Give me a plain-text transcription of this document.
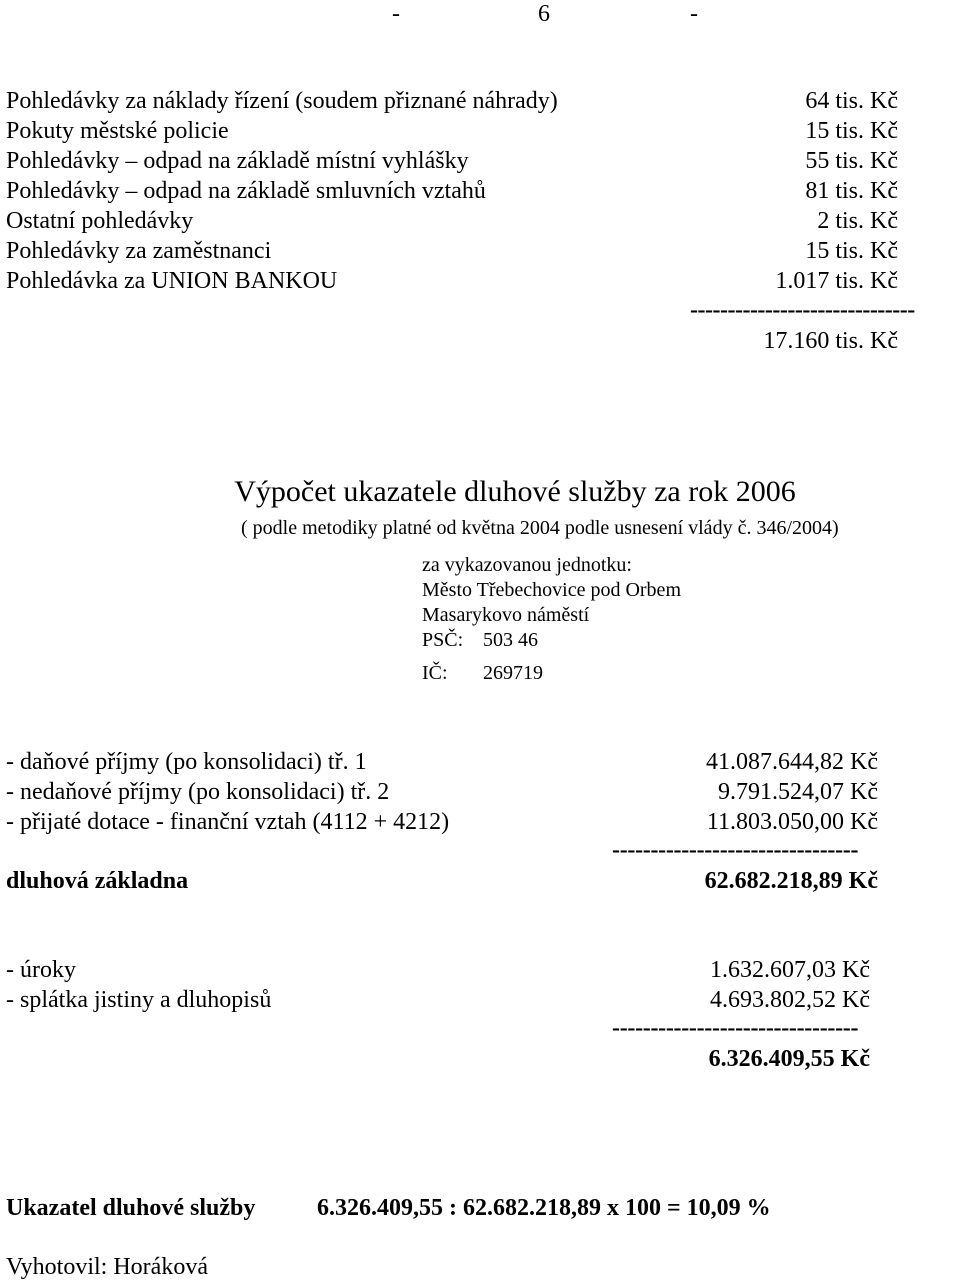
-	6	-
Pohledávky za náklady řízení (soudem přiznané náhrady)	64 tis. Kč
Pokuty městské policie	15 tis. Kč
Pohledávky – odpad na základě místní vyhlášky	55 tis. Kč
Pohledávky – odpad na základě smluvních vztahů	81 tis. Kč
Ostatní pohledávky	2 tis. Kč
Pohledávky za zaměstnanci	15 tis. Kč
Pohledávka za UNION BANKOU	1.017 tis. Kč
------------------------------
17.160 tis. Kč
Výpočet ukazatele dluhové služby za rok 2006
( podle metodiky platné od května 2004 podle usnesení vlády č. 346/2004)
za vykazovanou jednotku:
Město Třebechovice pod Orbem
Masarykovo náměstí
PSČ: 503 46
IČ: 269719
- daňové příjmy (po konsolidaci) tř. 1	41.087.644,82 Kč
- nedaňové příjmy (po konsolidaci) tř. 2	9.791.524,07 Kč
- přijaté dotace - finanční vztah (4112 + 4212)	11.803.050,00 Kč
--------------------------------
dluhová základna	62.682.218,89 Kč
- úroky	1.632.607,03 Kč
- splátka jistiny a dluhopisů	4.693.802,52 Kč
--------------------------------
6.326.409,55 Kč
Ukazatel dluhové služby	6.326.409,55 : 62.682.218,89 x 100 = 10,09 %
Vyhotovil: Horáková
